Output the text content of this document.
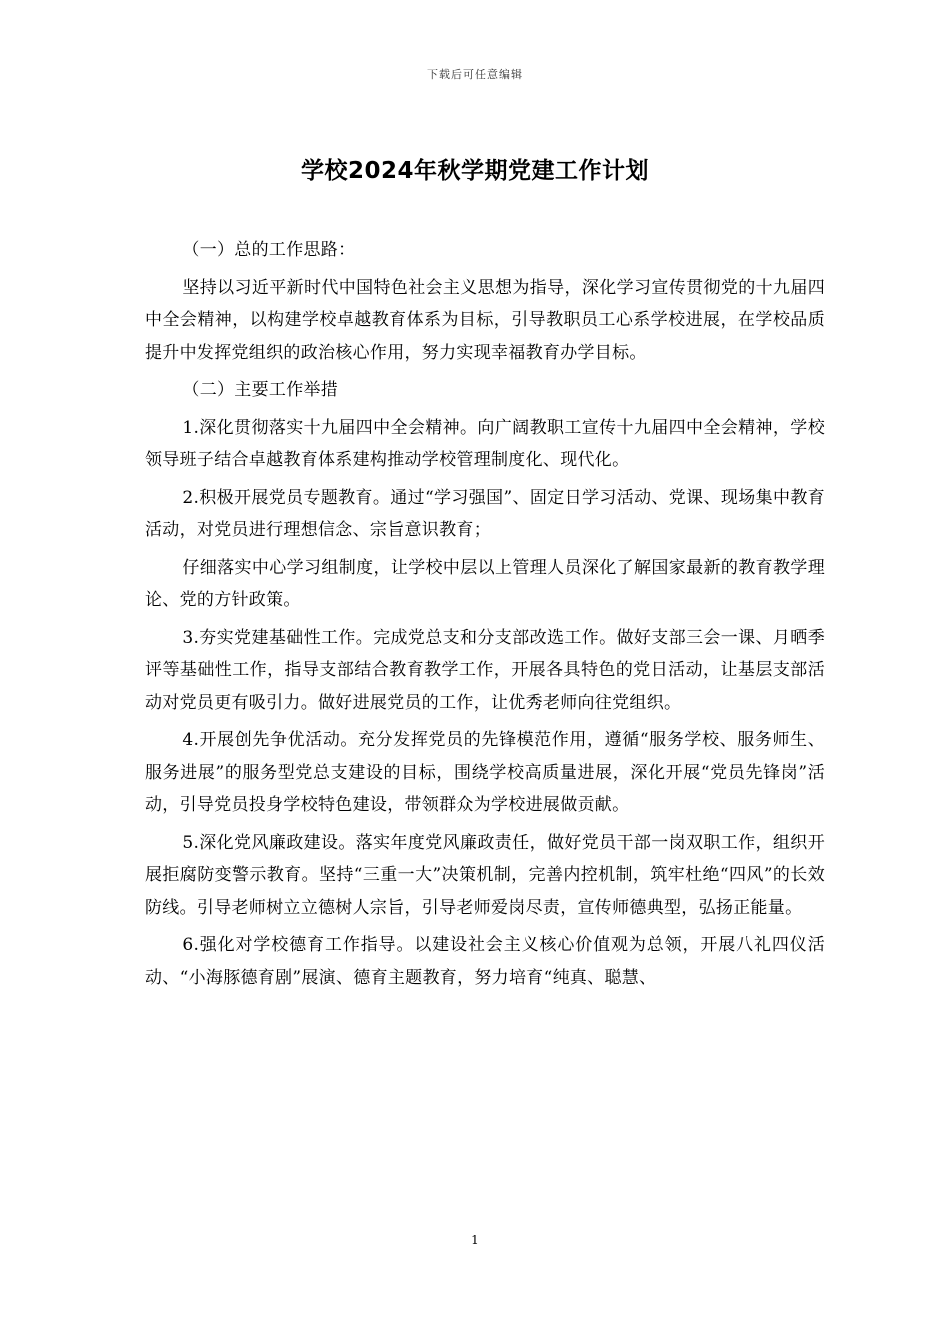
下载后可任意编辑
学校2024年秋学期党建工作计划

（一）总的工作思路：

坚持以习近平新时代中国特色社会主义思想为指导，深化学习宣传贯彻党的十九届四中全会精神，以构建学校卓越教育体系为目标，引导教职员工心系学校进展，在学校品质提升中发挥党组织的政治核心作用，努力实现幸福教育办学目标。

（二）主要工作举措

1.深化贯彻落实十九届四中全会精神。向广阔教职工宣传十九届四中全会精神，学校领导班子结合卓越教育体系建构推动学校管理制度化、现代化。

2.积极开展党员专题教育。通过“学习强国”、固定日学习活动、党课、现场集中教育活动，对党员进行理想信念、宗旨意识教育；

仔细落实中心学习组制度，让学校中层以上管理人员深化了解国家最新的教育教学理论、党的方针政策。

3.夯实党建基础性工作。完成党总支和分支部改选工作。做好支部三会一课、月晒季评等基础性工作，指导支部结合教育教学工作，开展各具特色的党日活动，让基层支部活动对党员更有吸引力。做好进展党员的工作，让优秀老师向往党组织。

4.开展创先争优活动。充分发挥党员的先锋模范作用，遵循“服务学校、服务师生、服务进展”的服务型党总支建设的目标，围绕学校高质量进展，深化开展“党员先锋岗”活动，引导党员投身学校特色建设，带领群众为学校进展做贡献。

5.深化党风廉政建设。落实年度党风廉政责任，做好党员干部一岗双职工作，组织开展拒腐防变警示教育。坚持“三重一大”决策机制，完善内控机制，筑牢杜绝“四风”的长效防线。引导老师树立立德树人宗旨，引导老师爱岗尽责，宣传师德典型，弘扬正能量。

6.强化对学校德育工作指导。以建设社会主义核心价值观为总领，开展八礼四仪活动、“小海豚德育剧”展演、德育主题教育，努力培育“纯真、聪慧、

1
